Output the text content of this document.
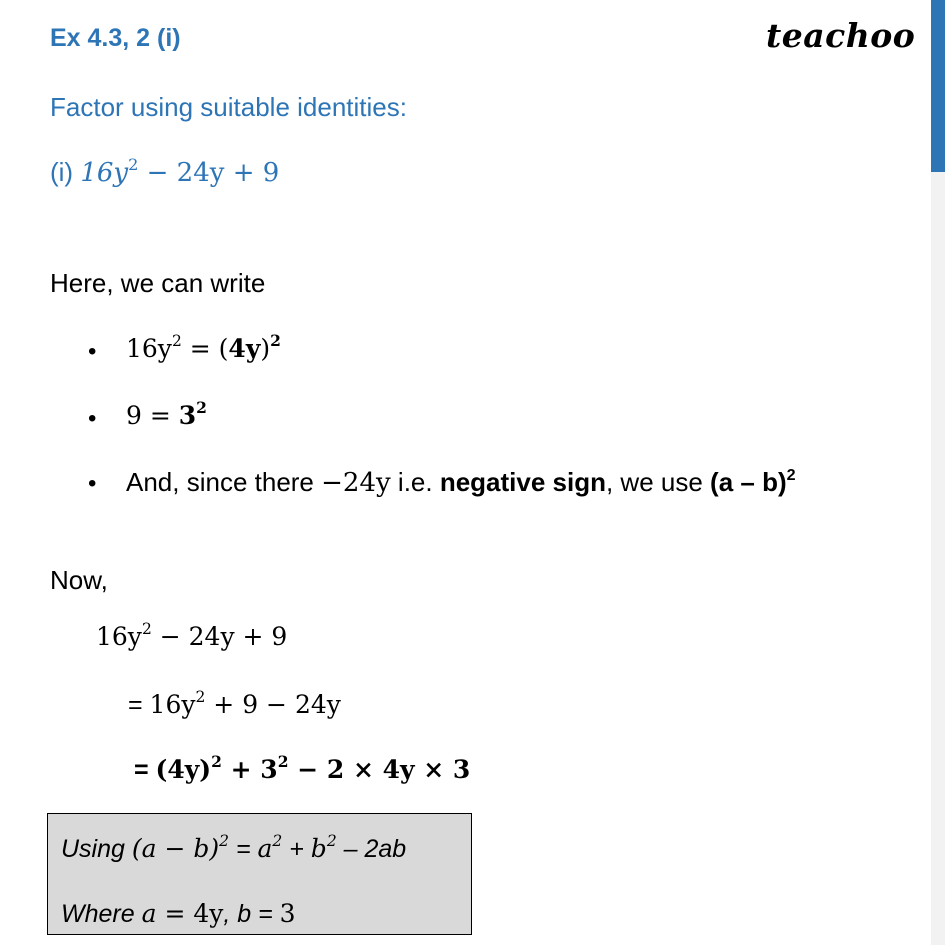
Ex 4.3, 2 (i)	teachoo
Factor using suitable identities:
(i) $16y^2 - 24y + 9$
Here, we can write
•
•
•
$16y^2 = (4y)^2$
$9 = 3^2$
And, since there −24y i.e. negative sign, we use (a – b)$^2$
Now,
$16y^2 - 24y + 9$
= $16y^2 + 9 - 24y$
= $(4y)^2 + 3^2 - 2 \times 4y \times 3$
Using $(a - b)^2 = a^2 + b^2 - 2ab$
Where a = 4y, b = 3
